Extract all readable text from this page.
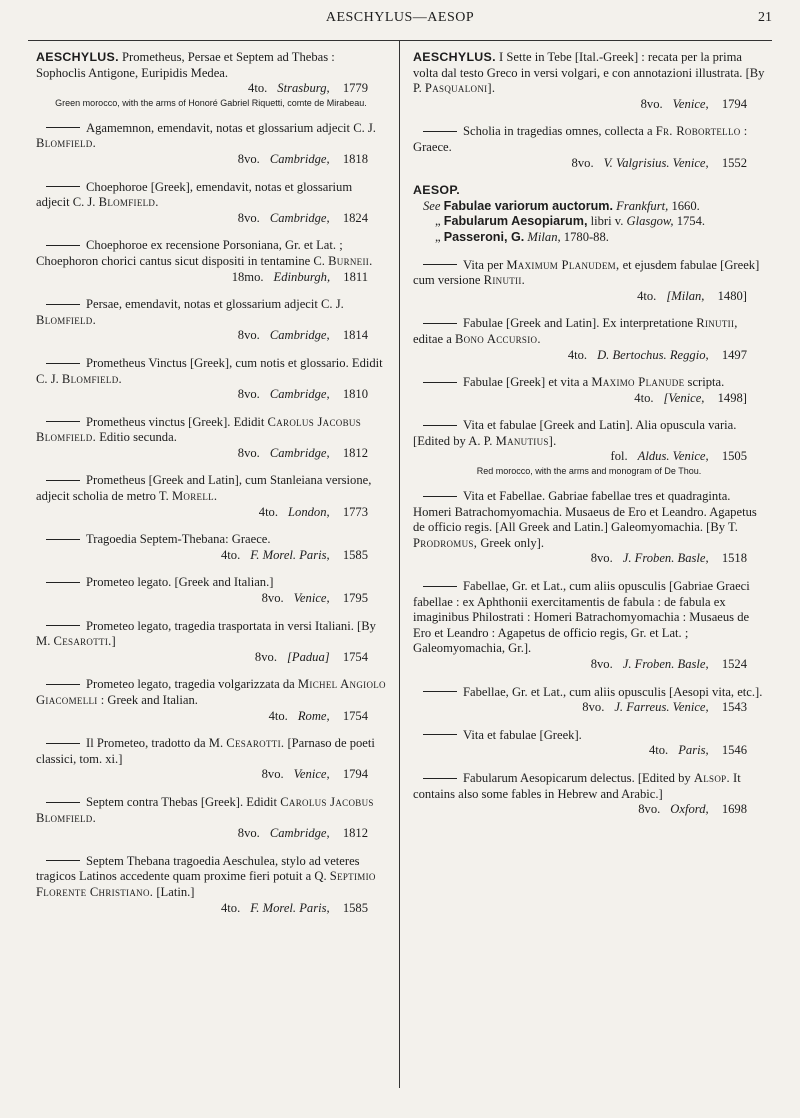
AESCHYLUS—AESOP	21
AESCHYLUS. Prometheus, Persae et Septem ad Thebas : Sophoclis Antigone, Euripidis Medea.
4to. Strasburg, 1779
Green morocco, with the arms of Honoré Gabriel Riquetti, comte de Mirabeau.
Agamemnon, emendavit, notas et glossarium adjecit C. J. Blomfield.
8vo. Cambridge, 1818
Choephoroe [Greek], emendavit, notas et glossarium adjecit C. J. Blomfield.
8vo. Cambridge, 1824
Choephoroe ex recensione Porsoniana, Gr. et Lat. ; Choephoron chorici cantus sicut dispositi in tentamine C. Burneii.
18mo. Edinburgh, 1811
Persae, emendavit, notas et glossarium adjecit C. J. Blomfield.
8vo. Cambridge, 1814
Prometheus Vinctus [Greek], cum notis et glossario. Edidit C. J. Blomfield.
8vo. Cambridge, 1810
Prometheus vinctus [Greek]. Edidit Carolus Jacobus Blomfield. Editio secunda.
8vo. Cambridge, 1812
Prometheus [Greek and Latin], cum Stanleiana versione, adjecit scholia de metro T. Morell.
4to. London, 1773
Tragoedia Septem-Thebana: Graece.
4to. F. Morel. Paris, 1585
Prometeo legato. [Greek and Italian.]
8vo. Venice, 1795
Prometeo legato, tragedia trasportata in versi Italiani. [By M. Cesarotti.]
8vo. [Padua] 1754
Prometeo legato, tragedia volgarizzata da Michel Angiolo Giacomelli : Greek and Italian.
4to. Rome, 1754
Il Prometeo, tradotto da M. Cesarotti. [Parnaso de poeti classici, tom. xi.]
8vo. Venice, 1794
Septem contra Thebas [Greek]. Edidit Carolus Jacobus Blomfield.
8vo. Cambridge, 1812
Septem Thebana tragoedia Aeschulea, stylo ad veteres tragicos Latinos accedente quam proxime fieri potuit a Q. Septimio Florente Christiano. [Latin.]
4to. F. Morel. Paris, 1585
AESCHYLUS. I Sette in Tebe [Ital.-Greek] : recata per la prima volta dal testo Greco in versi volgari, e con annotazioni illustrata. [By P. Pasqualoni].
8vo. Venice, 1794
Scholia in tragedias omnes, collecta a Fr. Robortello : Graece.
8vo. V. Valgrisius. Venice, 1552
AESOP.
See Fabulae variorum auctorum. Frankfurt, 1660.
„ Fabularum Aesopiarum, libri v. Glasgow, 1754.
„ Passeroni, G. Milan, 1780-88.
Vita per Maximum Planudem, et ejusdem fabulae [Greek] cum versione Rinutii.
4to. [Milan, 1480]
Fabulae [Greek and Latin]. Ex interpretatione Rinutii, editae a Bono Accursio.
4to. D. Bertochus. Reggio, 1497
Fabulae [Greek] et vita a Maximo Planude scripta.
4to. [Venice, 1498]
Vita et fabulae [Greek and Latin]. Alia opuscula varia. [Edited by A. P. Manutius].
fol. Aldus. Venice, 1505
Red morocco, with the arms and monogram of De Thou.
Vita et Fabellae. Gabriae fabellae tres et quadraginta. Homeri Batrachomyomachia. Musaeus de Ero et Leandro. Agapetus de officio regis. [All Greek and Latin.] Galeomyomachia. [By T. Prodromus, Greek only].
8vo. J. Froben. Basle, 1518
Fabellae, Gr. et Lat., cum aliis opusculis [Gabriae Graeci fabellae : ex Aphthonii exercitamentis de fabula : de fabula ex imaginibus Philostrati : Homeri Batrachomyomachia : Musaeus de Ero et Leandro : Agapetus de officio regis, Gr. et Lat. ; Galeomyomachia, Gr.].
8vo. J. Froben. Basle, 1524
Fabellae, Gr. et Lat., cum aliis opusculis [Aesopi vita, etc.].
8vo. J. Farreus. Venice, 1543
Vita et fabulae [Greek].
4to. Paris, 1546
Fabularum Aesopicarum delectus. [Edited by Alsop. It contains also some fables in Hebrew and Arabic.]
8vo. Oxford, 1698
